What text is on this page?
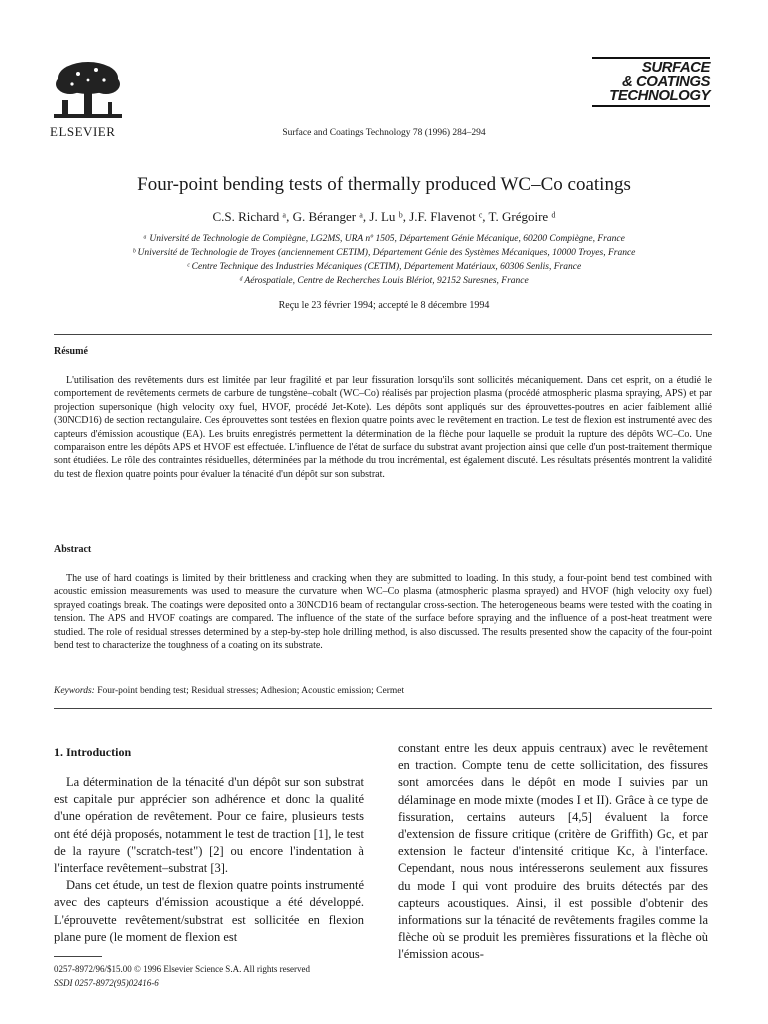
ELSEVIER	Surface and Coatings Technology 78 (1996) 284–294
SURFACE
& COATINGS
TECHNOLOGY
Four-point bending tests of thermally produced WC–Co coatings
C.S. Richard ᵃ, G. Béranger ᵃ, J. Lu ᵇ, J.F. Flavenot ᶜ, T. Grégoire ᵈ
ᵃ Université de Technologie de Compiègne, LG2MS, URA nº 1505, Département Génie Mécanique, 60200 Compiègne, France
ᵇ Université de Technologie de Troyes (anciennement CETIM), Département Génie des Systèmes Mécaniques, 10000 Troyes, France
ᶜ Centre Technique des Industries Mécaniques (CETIM), Département Matériaux, 60306 Senlis, France
ᵈ Aérospatiale, Centre de Recherches Louis Blériot, 92152 Suresnes, France
Reçu le 23 février 1994; accepté le 8 décembre 1994
Résumé
L'utilisation des revêtements durs est limitée par leur fragilité et par leur fissuration lorsqu'ils sont sollicités mécaniquement. Dans cet esprit, on a étudié le comportement de revêtements cermets de carbure de tungstène–cobalt (WC–Co) réalisés par projection plasma (procédé atmospheric plasma spraying, APS) et par projection supersonique (high velocity oxy fuel, HVOF, procédé Jet-Kote). Les dépôts sont appliqués sur des éprouvettes-poutres en acier faiblement allié (30NCD16) de section rectangulaire. Ces éprouvettes sont testées en flexion quatre points avec le revêtement en traction. Le test de flexion est instrumenté avec des capteurs d'émission acoustique (EA). Les bruits enregistrés permettent la détermination de la flèche pour laquelle se produit la rupture des dépôts WC–Co. Une comparaison entre les dépôts APS et HVOF est effectuée. L'influence de l'état de surface du substrat avant projection ainsi que celle d'un post-traitement thermique sont étudiées. Le rôle des contraintes résiduelles, déterminées par la méthode du trou incrémental, est également discuté. Les résultats présentés montrent la validité du test de flexion quatre points pour évaluer la ténacité d'un dépôt sur son substrat.
Abstract
The use of hard coatings is limited by their brittleness and cracking when they are submitted to loading. In this study, a four-point bend test combined with acoustic emission measurements was used to measure the curvature when WC–Co plasma (atmospheric plasma sprayed) and HVOF (high velocity oxy fuel) sprayed coatings break. The coatings were deposited onto a 30NCD16 beam of rectangular cross-section. The heterogeneous beams were tested with the coating in tension. The APS and HVOF coatings are compared. The influence of the state of the surface before spraying and the influence of a post-heat treatment were studied. The role of residual stresses determined by a step-by-step hole drilling method, is also discussed. The results presented show the capacity of the four-point bend test to characterize the toughness of a coating on its substrate.
Keywords: Four-point bending test; Residual stresses; Adhesion; Acoustic emission; Cermet
1. Introduction

La détermination de la ténacité d'un dépôt sur son substrat est capitale pur apprécier son adhérence et donc la qualité d'une opération de revêtement. Pour ce faire, plusieurs tests ont été déjà proposés, notamment le test de traction [1], le test de la rayure ("scratch-test") [2] ou encore l'indentation à l'interface revêtement–substrat [3].

Dans cet étude, un test de flexion quatre points instrumenté avec des capteurs d'émission acoustique a été développé. L'éprouvette revêtement/substrat est sollicitée en flexion plane pure (le moment de flexion est

constant entre les deux appuis centraux) avec le revêtement en traction. Compte tenu de cette sollicitation, des fissures sont amorcées dans le dépôt en mode I suivies par un délaminage en mode mixte (modes I et II). Grâce à ce type de fissuration, certains auteurs [4,5] évaluent la force d'extension de fissure critique (critère de Griffith) Gc, et par extension le facteur d'intensité critique Kc, à l'interface. Cependant, nous nous intéresserons seulement aux fissures du mode I qui vont produire des bruits détectés par des capteurs acoustiques. Ainsi, il est possible d'obtenir des informations sur la ténacité de revêtements fragiles comme la flèche où se produit les premières fissurations et la flèche où l'émission acous-

0257-8972/96/$15.00 © 1996 Elsevier Science S.A. All rights reserved
SSDI 0257-8972(95)02416-6
